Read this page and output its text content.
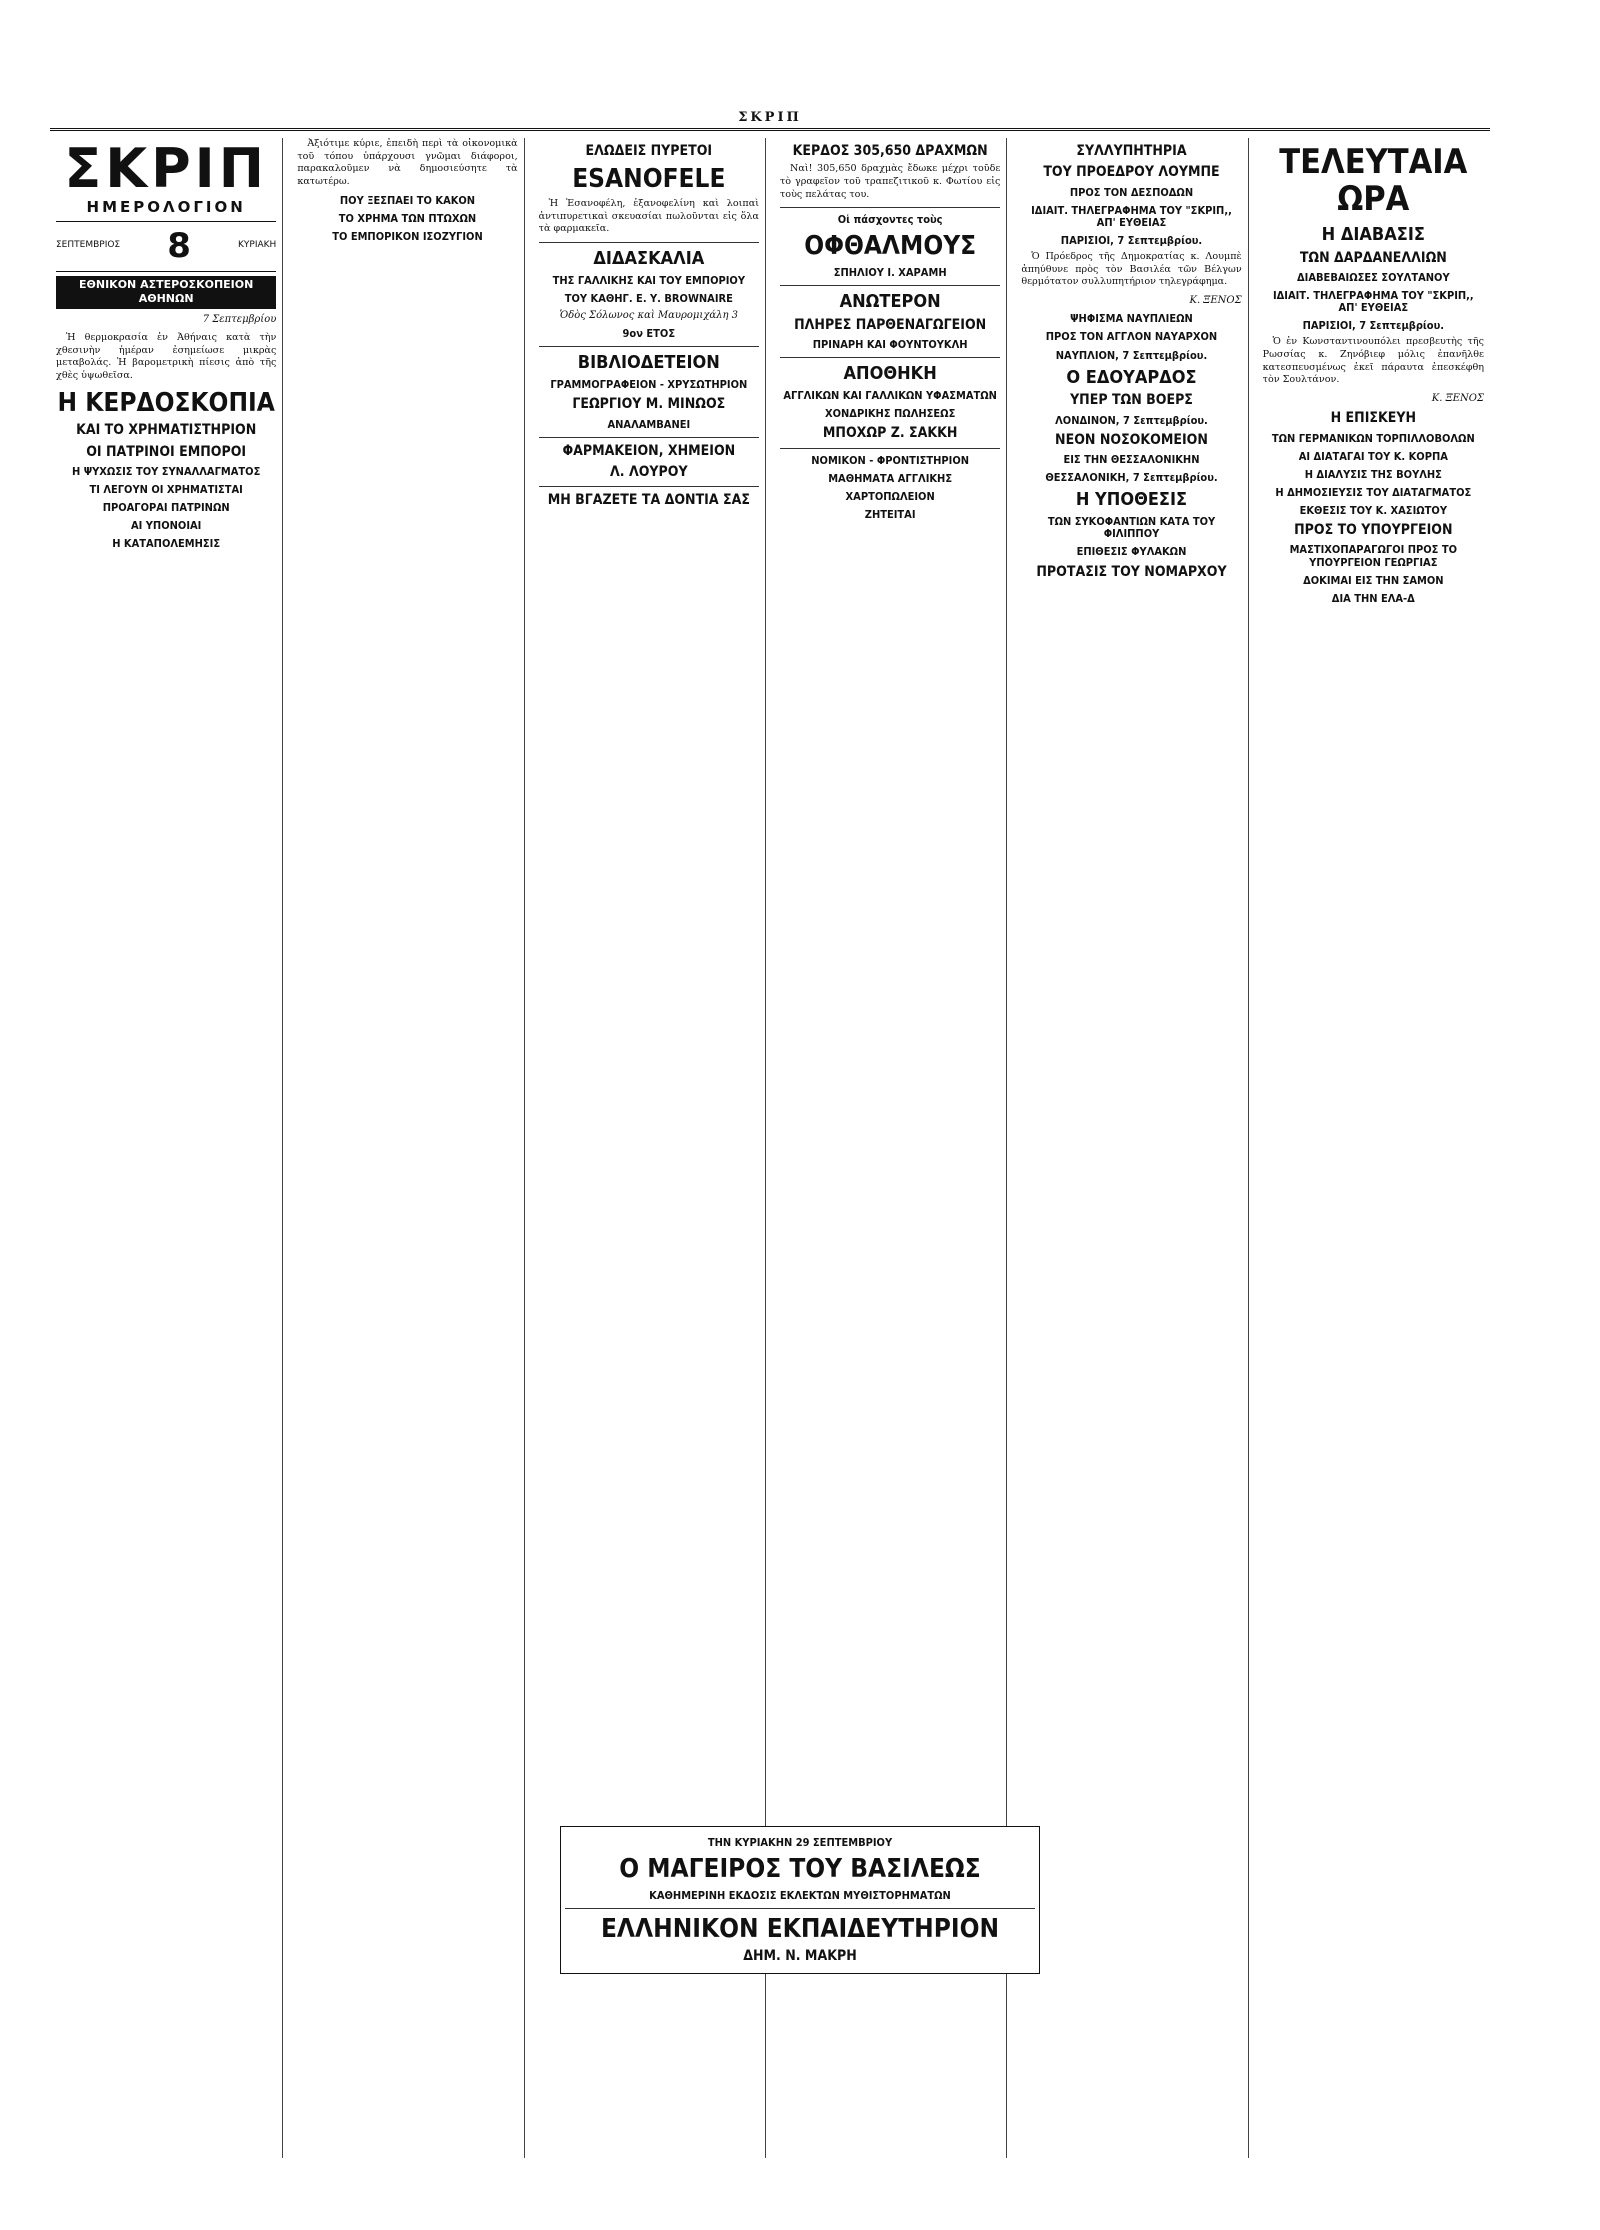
ΣΚΡΙΠ
ΣΚΡΙΠ
ΗΜΕΡΟΛΟΓΙΟΝ
ΣΕΠΤΕΜΒΡΙΟΣ 8	ΚΥΡΙΑΚΗ
ΕΘΝΙΚΟΝ ΑΣΤΕΡΟΣΚΟΠΕΙΟΝ ΑΘΗΝΩΝ
7 Σεπτεμβρίου

Ἡ θερμοκρασία ἐν Ἀθήναις κατὰ τὴν χθεσινὴν ἡμέραν ἐσημείωσε μικρὰς μεταβολάς. Ἡ βαρομετρικὴ πίεσις ἀπὸ τῆς χθὲς ὑψωθεῖσα.

Η ΚΕΡΔΟΣΚΟΠΙΑ
ΚΑΙ ΤΟ ΧΡΗΜΑΤΙΣΤΗΡΙΟΝ
ΟΙ ΠΑΤΡΙΝΟΙ ΕΜΠΟΡΟΙ
Η ΨΥΧΩΣΙΣ ΤΟΥ ΣΥΝΑΛΛΑΓΜΑΤΟΣ
ΤΙ ΛΕΓΟΥΝ ΟΙ ΧΡΗΜΑΤΙΣΤΑΙ
ΠΡΟΑΓΟΡΑΙ ΠΑΤΡΙΝΩΝ
ΑΙ ΥΠΟΝΟΙΑΙ
Η ΚΑΤΑΠΟΛΕΜΗΣΙΣ

Ἀξιότιμε κύριε, ἐπειδὴ περὶ τὰ οἰκονομικὰ τοῦ τόπου ὑπάρχουσι γνῶμαι διάφοροι, παρακαλοῦμεν νὰ δημοσιεύσητε τὰ κατωτέρω.

ΠΟΥ ΞΕΣΠΑΕΙ ΤΟ ΚΑΚΟΝ
ΤΟ ΧΡΗΜΑ ΤΩΝ ΠΤΩΧΩΝ
ΤΟ ΕΜΠΟΡΙΚΟΝ ΙΣΟΖΥΓΙΟΝ
ΕΛΩΔΕΙΣ ΠΥΡΕΤΟΙ
ESANOFELE

Ἡ Ἐσανοφέλη, ἐξανοφελίνη καὶ λοιπαὶ ἀντιπυρετικαὶ σκευασίαι πωλοῦνται εἰς ὅλα τὰ φαρμακεῖα.

ΔΙΔΑΣΚΑΛΙΑ
ΤΗΣ ΓΑΛΛΙΚΗΣ ΚΑΙ ΤΟΥ ΕΜΠΟΡΙΟΥ
ΤΟΥ ΚΑΘΗΓ. Ε. Υ. BROWNAIRE
Ὁδὸς Σόλωνος καὶ Μαυρομιχάλη 3
9ον ΕΤΟΣ
ΒΙΒΛΙΟΔΕΤΕΙΟΝ
ΓΡΑΜΜΟΓΡΑΦΕΙΟΝ - ΧΡΥΣΩΤΗΡΙΟΝ
ΓΕΩΡΓΙΟΥ Μ. ΜΙΝΩΟΣ
ΑΝΑΛΑΜΒΑΝΕΙ
ΦΑΡΜΑΚΕΙΟΝ, ΧΗΜΕΙΟΝ
Λ. ΛΟΥΡΟΥ
ΜΗ ΒΓΑΖΕΤΕ ΤΑ ΔΟΝΤΙΑ ΣΑΣ
ΚΕΡΔΟΣ 305,650 ΔΡΑΧΜΩΝ

Ναὶ! 305,650 δραχμὰς ἔδωκε μέχρι τοῦδε τὸ γραφεῖον τοῦ τραπεζιτικοῦ κ. Φωτίου εἰς τοὺς πελάτας του.

Οἱ πάσχοντες τοὺς
ΟΦΘΑΛΜΟΥΣ
ΣΠΗΛΙΟΥ Ι. ΧΑΡΑΜΗ
ΑΝΩΤΕΡΟΝ
ΠΛΗΡΕΣ ΠΑΡΘΕΝΑΓΩΓΕΙΟΝ
ΠΡΙΝΑΡΗ ΚΑΙ ΦΟΥΝΤΟΥΚΛΗ
ΑΠΟΘΗΚΗ
ΑΓΓΛΙΚΩΝ ΚΑΙ ΓΑΛΛΙΚΩΝ ΥΦΑΣΜΑΤΩΝ
ΧΟΝΔΡΙΚΗΣ ΠΩΛΗΣΕΩΣ
ΜΠΟΧΩΡ Ζ. ΣΑΚΚΗ
ΝΟΜΙΚΟΝ - ΦΡΟΝΤΙΣΤΗΡΙΟΝ
ΜΑΘΗΜΑΤΑ ΑΓΓΛΙΚΗΣ
ΧΑΡΤΟΠΩΛΕΙΟΝ
ΖΗΤΕΙΤΑΙ
ΣΥΛΛΥΠΗΤΗΡΙΑ
ΤΟΥ ΠΡΟΕΔΡΟΥ ΛΟΥΜΠΕ
ΠΡΟΣ ΤΟΝ ΔΕΣΠΟΔΩΝ
ΙΔΙΑΙΤ. ΤΗΛΕΓΡΑΦΗΜΑ ΤΟΥ "ΣΚΡΙΠ,, ΑΠ' ΕΥΘΕΙΑΣ
ΠΑΡΙΣΙΟΙ, 7 Σεπτεμβρίου.

Ὁ Πρόεδρος τῆς Δημοκρατίας κ. Λουμπὲ ἀπηύθυνε πρὸς τὸν Βασιλέα τῶν Βέλγων θερμότατον συλλυπητήριον τηλεγράφημα.

Κ. ΞΕΝΟΣ
ΨΗΦΙΣΜΑ ΝΑΥΠΛΙΕΩΝ
ΠΡΟΣ ΤΟΝ ΑΓΓΛΟΝ ΝΑΥΑΡΧΟΝ
ΝΑΥΠΛΙΟΝ, 7 Σεπτεμβρίου.
Ο ΕΔΟΥΑΡΔΟΣ
ΥΠΕΡ ΤΩΝ ΒΟΕΡΣ
ΛΟΝΔΙΝΟΝ, 7 Σεπτεμβρίου.
ΝΕΟΝ ΝΟΣΟΚΟΜΕΙΟΝ
ΕΙΣ ΤΗΝ ΘΕΣΣΑΛΟΝΙΚΗΝ
ΘΕΣΣΑΛΟΝΙΚΗ, 7 Σεπτεμβρίου.
Η ΥΠΟΘΕΣΙΣ
ΤΩΝ ΣΥΚΟΦΑΝΤΙΩΝ ΚΑΤΑ ΤΟΥ ΦΙΛΙΠΠΟΥ
ΕΠΙΘΕΣΙΣ ΦΥΛΑΚΩΝ
ΠΡΟΤΑΣΙΣ ΤΟΥ ΝΟΜΑΡΧΟΥ
ΤΕΛΕΥΤΑΙΑ ΩΡΑ
Η ΔΙΑΒΑΣΙΣ
ΤΩΝ ΔΑΡΔΑΝΕΛΛΙΩΝ
ΔΙΑΒΕΒΑΙΩΣΕΣ ΣΟΥΛΤΑΝΟΥ
ΙΔΙΑΙΤ. ΤΗΛΕΓΡΑΦΗΜΑ ΤΟΥ "ΣΚΡΙΠ,, ΑΠ' ΕΥΘΕΙΑΣ
ΠΑΡΙΣΙΟΙ, 7 Σεπτεμβρίου.

Ὁ ἐν Κωνσταντινουπόλει πρεσβευτὴς τῆς Ρωσσίας κ. Ζηνόβιεφ μόλις ἐπανῆλθε κατεσπευσμένως ἐκεῖ πάραυτα ἐπεσκέφθη τὸν Σουλτάνον.

Κ. ΞΕΝΟΣ
Η ΕΠΙΣΚΕΥΗ
ΤΩΝ ΓΕΡΜΑΝΙΚΩΝ ΤΟΡΠΙΛΛΟΒΟΛΩΝ
ΑΙ ΔΙΑΤΑΓΑΙ ΤΟΥ Κ. ΚΟΡΠΑ
Η ΔΙΑΛΥΣΙΣ ΤΗΣ ΒΟΥΛΗΣ
Η ΔΗΜΟΣΙΕΥΣΙΣ ΤΟΥ ΔΙΑΤΑΓΜΑΤΟΣ
ΕΚΘΕΣΙΣ ΤΟΥ Κ. ΧΑΣΙΩΤΟΥ
ΠΡΟΣ ΤΟ ΥΠΟΥΡΓΕΙΟΝ
ΜΑΣΤΙΧΟΠΑΡΑΓΩΓΟΙ ΠΡΟΣ ΤΟ ΥΠΟΥΡΓΕΙΟΝ ΓΕΩΡΓΙΑΣ
ΔΟΚΙΜΑΙ ΕΙΣ ΤΗΝ ΣΑΜΟΝ
ΔΙΑ ΤΗΝ ΕΛΑ-Δ
ΤΗΝ ΚΥΡΙΑΚΗΝ 29 ΣΕΠΤΕΜΒΡΙΟΥ
Ο ΜΑΓΕΙΡΟΣ ΤΟΥ ΒΑΣΙΛΕΩΣ
ΚΑΘΗΜΕΡΙΝΗ ΕΚΔΟΣΙΣ ΕΚΛΕΚΤΩΝ ΜΥΘΙΣΤΟΡΗΜΑΤΩΝ
ΕΛΛΗΝΙΚΟΝ ΕΚΠΑΙΔΕΥΤΗΡΙΟΝ
ΔΗΜ. Ν. ΜΑΚΡΗ
